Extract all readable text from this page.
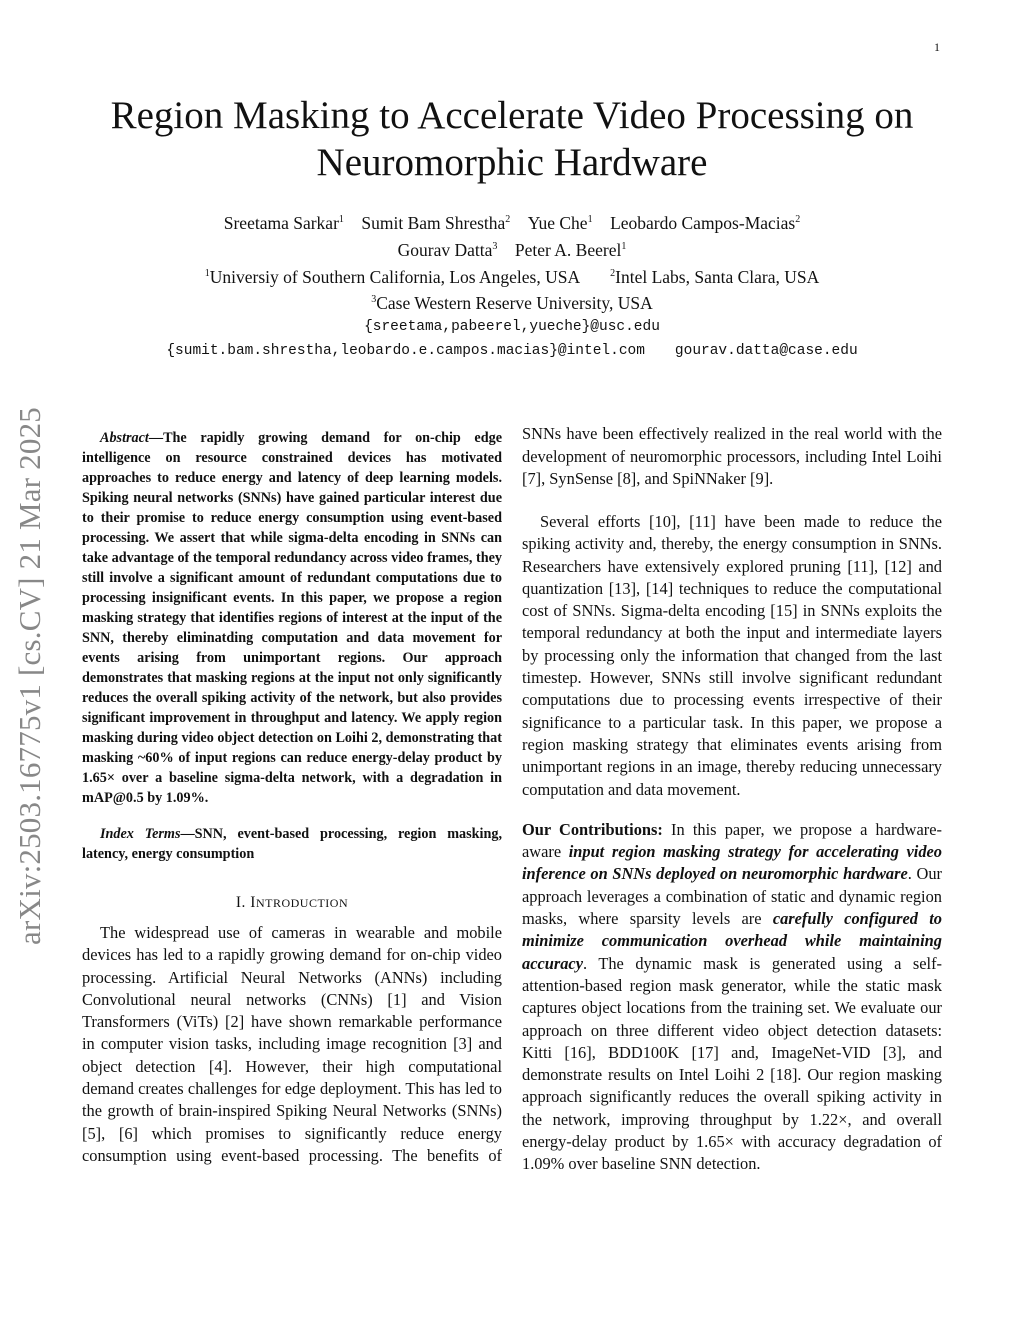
1
arXiv:2503.16775v1 [cs.CV] 21 Mar 2025
Region Masking to Accelerate Video Processing on Neuromorphic Hardware
Sreetama Sarkar$^1$ Sumit Bam Shrestha$^2$ Yue Che$^1$ Leobardo Campos-Macias$^2$
Gourav Datta$^3$ Peter A. Beerel$^1$
$^1$Universiy of Southern California, Los Angeles, USA	$^2$Intel Labs, Santa Clara, USA
$^3$Case Western Reserve University, USA
{sreetama,pabeerel,yueche}@usc.edu
{sumit.bam.shrestha,leobardo.e.campos.macias}@intel.com gourav.datta@case.edu

Abstract—The rapidly growing demand for on-chip edge intelligence on resource constrained devices has motivated approaches to reduce energy and latency of deep learning models. Spiking neural networks (SNNs) have gained particular interest due to their promise to reduce energy consumption using event-based processing. We assert that while sigma-delta encoding in SNNs can take advantage of the temporal redundancy across video frames, they still involve a significant amount of redundant computations due to processing insignificant events. In this paper, we propose a region masking strategy that identifies regions of interest at the input of the SNN, thereby eliminatding computation and data movement for events arising from unimportant regions. Our approach demonstrates that masking regions at the input not only significantly reduces the overall spiking activity of the network, but also provides significant improvement in throughput and latency. We apply region masking during video object detection on Loihi 2, demonstrating that masking ~60% of input regions can reduce energy-delay product by 1.65× over a baseline sigma-delta network, with a degradation in mAP@0.5 by 1.09%.

Index Terms—SNN, event-based processing, region masking, latency, energy consumption

I. INTRODUCTION

The widespread use of cameras in wearable and mobile devices has led to a rapidly growing demand for on-chip video processing. Artificial Neural Networks (ANNs) including Convolutional neural networks (CNNs) [1] and Vision Transformers (ViTs) [2] have shown remarkable performance in computer vision tasks, including image recognition [3] and object detection [4]. However, their high computational demand creates challenges for edge deployment. This has led to the growth of brain-inspired Spiking Neural Networks (SNNs) [5], [6] which promises to significantly reduce energy consumption using event-based processing. The benefits of

SNNs have been effectively realized in the real world with the development of neuromorphic processors, including Intel Loihi [7], SynSense [8], and SpiNNaker [9].

Several efforts [10], [11] have been made to reduce the spiking activity and, thereby, the energy consumption in SNNs. Researchers have extensively explored pruning [11], [12] and quantization [13], [14] techniques to reduce the computational cost of SNNs. Sigma-delta encoding [15] in SNNs exploits the temporal redundancy at both the input and intermediate layers by processing only the information that changed from the last timestep. However, SNNs still involve significant redundant computations due to processing events irrespective of their significance to a particular task. In this paper, we propose a region masking strategy that eliminates events arising from unimportant regions in an image, thereby reducing unnecessary computation and data movement.

Our Contributions: In this paper, we propose a hardware-aware input region masking strategy for accelerating video inference on SNNs deployed on neuromorphic hardware. Our approach leverages a combination of static and dynamic region masks, where sparsity levels are carefully configured to minimize communication overhead while maintaining accuracy. The dynamic mask is generated using a self-attention-based region mask generator, while the static mask captures object locations from the training set. We evaluate our approach on three different video object detection datasets: Kitti [16], BDD100K [17] and, ImageNet-VID [3], and demonstrate results on Intel Loihi 2 [18]. Our region masking approach significantly reduces the overall spiking activity in the network, improving throughput by 1.22×, and overall energy-delay product by 1.65× with accuracy degradation of 1.09% over baseline SNN detection.
